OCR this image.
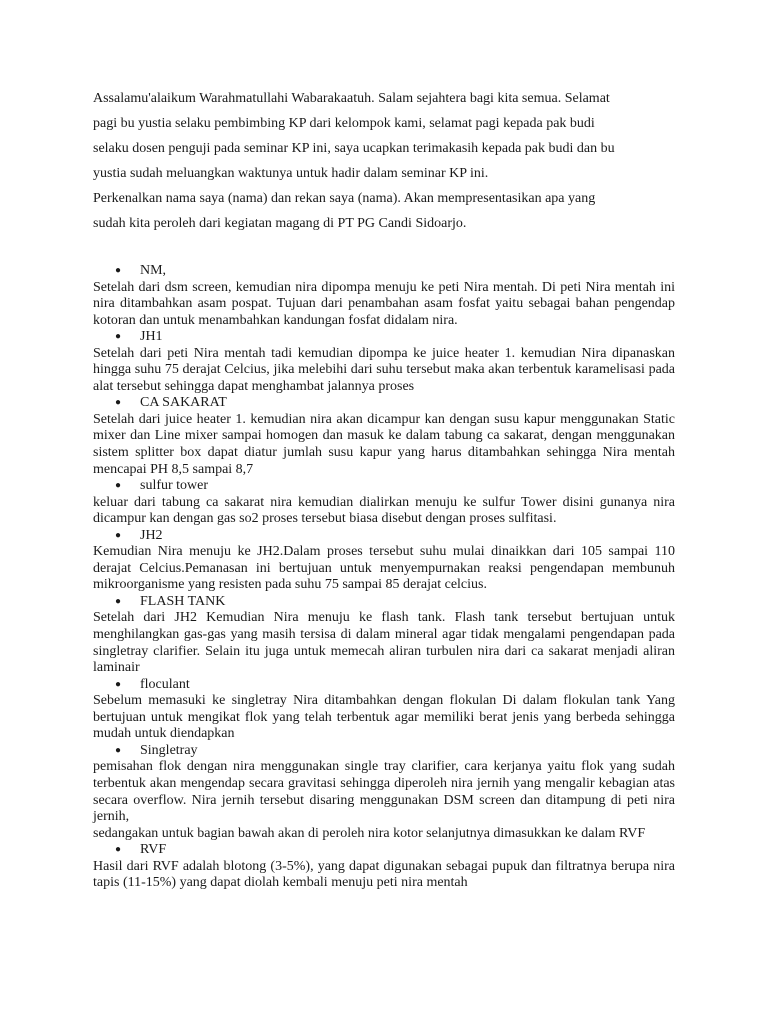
Assalamu'alaikum Warahmatullahi Wabarakaatuh. Salam sejahtera bagi kita semua. Selamat

pagi bu yustia selaku pembimbing KP dari kelompok kami, selamat pagi kepada pak budi

selaku dosen penguji pada seminar KP ini, saya ucapkan terimakasih kepada pak budi dan bu

yustia sudah meluangkan waktunya untuk hadir dalam seminar KP ini.

Perkenalkan nama saya (nama) dan rekan saya (nama). Akan mempresentasikan apa yang

sudah kita peroleh dari kegiatan magang di PT PG Candi Sidoarjo.

● NM,
Setelah dari dsm screen, kemudian nira dipompa menuju ke peti Nira mentah. Di peti Nira mentah ini nira ditambahkan asam pospat. Tujuan dari penambahan asam fosfat yaitu sebagai bahan pengendap kotoran dan untuk menambahkan kandungan fosfat didalam nira.
● JH1
Setelah dari peti Nira mentah tadi kemudian dipompa ke juice heater 1. kemudian Nira dipanaskan hingga suhu 75 derajat Celcius, jika melebihi dari suhu tersebut maka akan terbentuk karamelisasi pada alat tersebut sehingga dapat menghambat jalannya proses
● CA SAKARAT
Setelah dari juice heater 1. kemudian nira akan dicampur kan dengan susu kapur menggunakan Static mixer dan Line mixer sampai homogen dan masuk ke dalam tabung ca sakarat, dengan menggunakan sistem splitter box dapat diatur jumlah susu kapur yang harus ditambahkan sehingga Nira mentah mencapai PH 8,5 sampai 8,7
● sulfur tower
keluar dari tabung ca sakarat nira kemudian dialirkan menuju ke sulfur Tower disini gunanya nira dicampur kan dengan gas so2 proses tersebut biasa disebut dengan proses sulfitasi.
● JH2
Kemudian Nira menuju ke JH2.Dalam proses tersebut suhu mulai dinaikkan dari 105 sampai 110 derajat Celcius.Pemanasan ini bertujuan untuk menyempurnakan reaksi pengendapan membunuh mikroorganisme yang resisten pada suhu 75 sampai 85 derajat celcius.
● FLASH TANK
Setelah dari JH2 Kemudian Nira menuju ke flash tank. Flash tank tersebut bertujuan untuk menghilangkan gas-gas yang masih tersisa di dalam mineral agar tidak mengalami pengendapan pada singletray clarifier. Selain itu juga untuk memecah aliran turbulen nira dari ca sakarat menjadi aliran laminair
● floculant
Sebelum memasuki ke singletray Nira ditambahkan dengan flokulan Di dalam flokulan tank Yang bertujuan untuk mengikat flok yang telah terbentuk agar memiliki berat jenis yang berbeda sehingga mudah untuk diendapkan
● Singletray
pemisahan flok dengan nira menggunakan single tray clarifier, cara kerjanya yaitu flok yang sudah terbentuk akan mengendap secara gravitasi sehingga diperoleh nira jernih yang mengalir kebagian atas secara overflow. Nira jernih tersebut disaring menggunakan DSM screen dan ditampung di peti nira jernih,
sedangakan untuk bagian bawah akan di peroleh nira kotor selanjutnya dimasukkan ke dalam RVF
● RVF
Hasil dari RVF adalah blotong (3-5%), yang dapat digunakan sebagai pupuk dan filtratnya berupa nira tapis (11-15%) yang dapat diolah kembali menuju peti nira mentah
